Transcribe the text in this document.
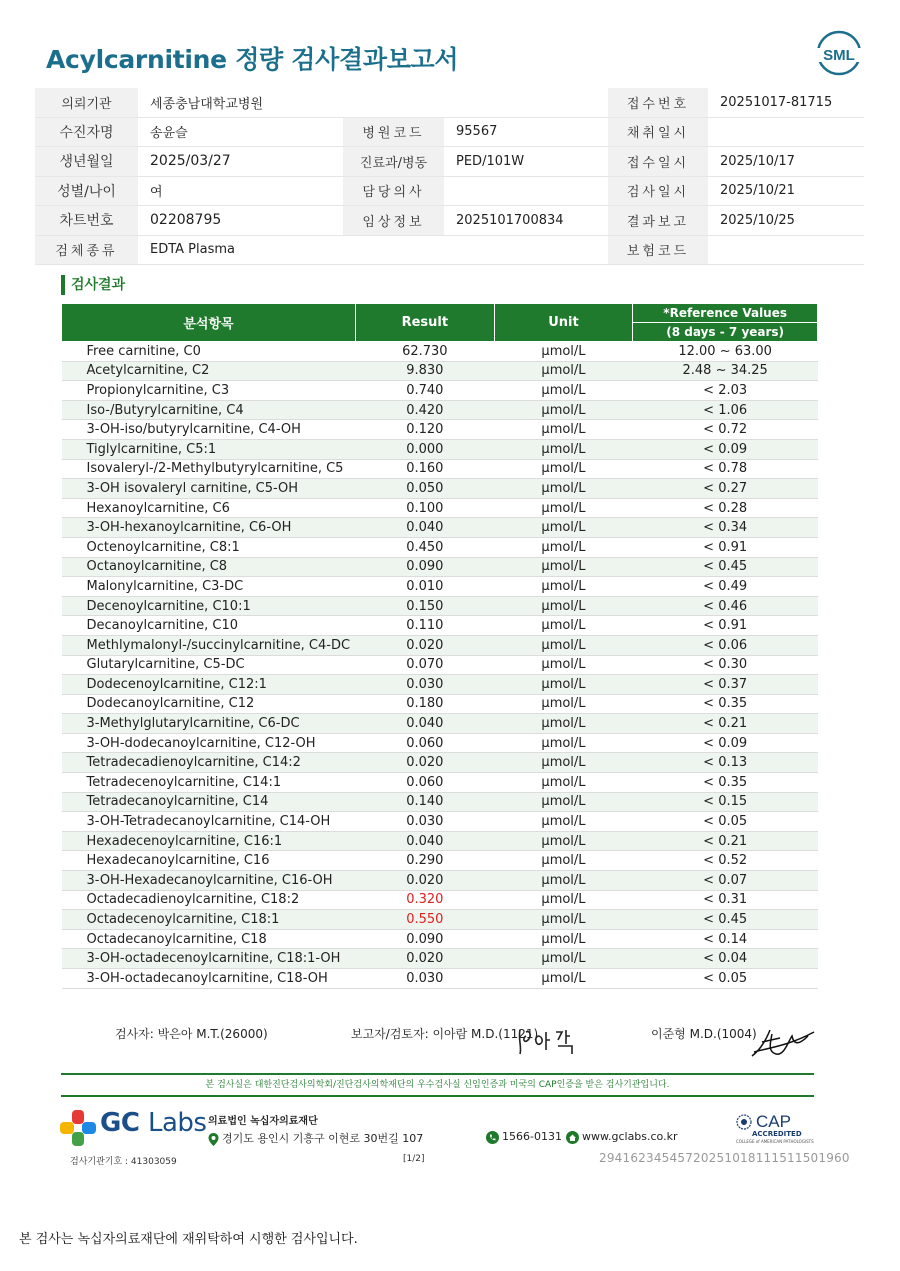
Acylcarnitine 정량 검사결과보고서	SML
의뢰기관	세종충남대학교병원			접수번호	20251017-81715
수진자명	송윤슬	병원코드	95567	채취일시	
생년월일	2025/03/27	진료과/병동	PED/101W	접수일시	2025/10/17
성별/나이	여	담당의사		검사일시	2025/10/21
차트번호	02208795	임상정보	2025101700834	결과보고	2025/10/25
검체종류	EDTA Plasma			보험코드	
검사결과
분석항목	Result	Unit	*Reference Values
			(8 days - 7 years)
Free carnitine, C0	62.730	μmol/L	12.00 ~ 63.00
Acetylcarnitine, C2	9.830	μmol/L	2.48 ~ 34.25
Propionylcarnitine, C3	0.740	μmol/L	< 2.03
Iso-/Butyrylcarnitine, C4	0.420	μmol/L	< 1.06
3-OH-iso/butyrylcarnitine, C4-OH	0.120	μmol/L	< 0.72
Tiglylcarnitine, C5:1	0.000	μmol/L	< 0.09
Isovaleryl-/2-Methylbutyrylcarnitine, C5	0.160	μmol/L	< 0.78
3-OH isovaleryl carnitine, C5-OH	0.050	μmol/L	< 0.27
Hexanoylcarnitine, C6	0.100	μmol/L	< 0.28
3-OH-hexanoylcarnitine, C6-OH	0.040	μmol/L	< 0.34
Octenoylcarnitine, C8:1	0.450	μmol/L	< 0.91
Octanoylcarnitine, C8	0.090	μmol/L	< 0.45
Malonylcarnitine, C3-DC	0.010	μmol/L	< 0.49
Decenoylcarnitine, C10:1	0.150	μmol/L	< 0.46
Decanoylcarnitine, C10	0.110	μmol/L	< 0.91
Methlymalonyl-/succinylcarnitine, C4-DC	0.020	μmol/L	< 0.06
Glutarylcarnitine, C5-DC	0.070	μmol/L	< 0.30
Dodecenoylcarnitine, C12:1	0.030	μmol/L	< 0.37
Dodecanoylcarnitine, C12	0.180	μmol/L	< 0.35
3-Methylglutarylcarnitine, C6-DC	0.040	μmol/L	< 0.21
3-OH-dodecanoylcarnitine, C12-OH	0.060	μmol/L	< 0.09
Tetradecadienoylcarnitine, C14:2	0.020	μmol/L	< 0.13
Tetradecenoylcarnitine, C14:1	0.060	μmol/L	< 0.35
Tetradecanoylcarnitine, C14	0.140	μmol/L	< 0.15
3-OH-Tetradecanoylcarnitine, C14-OH	0.030	μmol/L	< 0.05
Hexadecenoylcarnitine, C16:1	0.040	μmol/L	< 0.21
Hexadecanoylcarnitine, C16	0.290	μmol/L	< 0.52
3-OH-Hexadecanoylcarnitine, C16-OH	0.020	μmol/L	< 0.07
Octadecadienoylcarnitine, C18:2	0.320	μmol/L	< 0.31
Octadecenoylcarnitine, C18:1	0.550	μmol/L	< 0.45
Octadecanoylcarnitine, C18	0.090	μmol/L	< 0.14
3-OH-octadecenoylcarnitine, C18:1-OH	0.020	μmol/L	< 0.04
3-OH-octadecanoylcarnitine, C18-OH	0.030	μmol/L	< 0.05
검사자: 박은아 M.T.(26000)	보고자/검토자: 이아람 M.D.(1121)	이준형 M.D.(1004)
본 검사실은 대한진단검사의학회/진단검사의학재단의 우수검사실 신임인증과 미국의 CAP인증을 받은 검사기관입니다.
GC Labs 의료법인 녹십자의료재단
경기도 용인시 기흥구 이현로 30번길 107	1566-0131	www.gclabs.co.kr
CAP
ACCREDITED
COLLEGE of AMERICAN PATHOLOGISTS
검사기관기호 : 41303059	[1/2]	29416234545720251018111511501960
본 검사는 녹십자의료재단에 재위탁하여 시행한 검사입니다.
